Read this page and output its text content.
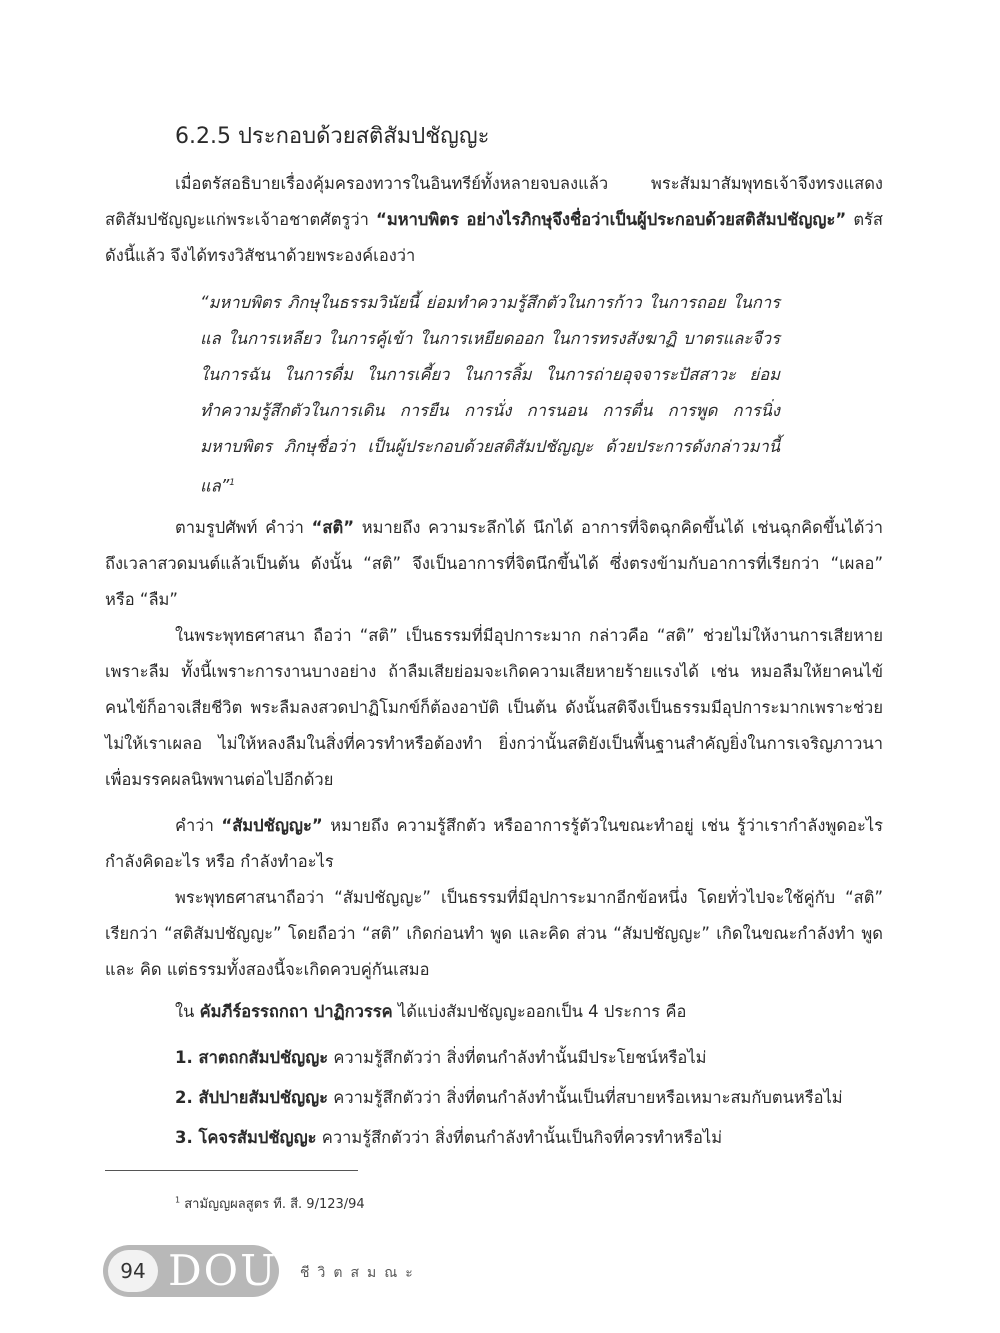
6.2.5 ประกอบด้วยสติสัมปชัญญะ
เมื่อตรัสอธิบายเรื่องคุ้มครองทวารในอินทรีย์ทั้งหลายจบลงแล้ว พระสัมมาสัมพุทธเจ้าจึงทรงแสดงสติสัมปชัญญะแก่พระเจ้าอชาตศัตรูว่า “มหาบพิตร อย่างไรภิกษุจึงชื่อว่าเป็นผู้ประกอบด้วยสติสัมปชัญญะ” ตรัสดังนี้แล้ว จึงได้ทรงวิสัชนาด้วยพระองค์เองว่า
“มหาบพิตร ภิกษุในธรรมวินัยนี้ ย่อมทำความรู้สึกตัวในการก้าว ในการถอย ในการแล ในการเหลียว ในการคู้เข้า ในการเหยียดออก ในการทรงสังฆาฏิ บาตรและจีวร ในการฉัน ในการดื่ม ในการเคี้ยว ในการลิ้ม ในการถ่ายอุจจาระปัสสาวะ ย่อมทำความรู้สึกตัวในการเดิน การยืน การนั่ง การนอน การตื่น การพูด การนิ่ง มหาบพิตร ภิกษุชื่อว่า เป็นผู้ประกอบด้วยสติสัมปชัญญะ ด้วยประการดังกล่าวมานี้แล”$^1$
ตามรูปศัพท์ คำว่า “สติ” หมายถึง ความระลึกได้ นึกได้ อาการที่จิตฉุกคิดขึ้นได้ เช่นฉุกคิดขึ้นได้ว่า ถึงเวลาสวดมนต์แล้วเป็นต้น ดังนั้น “สติ” จึงเป็นอาการที่จิตนึกขึ้นได้ ซึ่งตรงข้ามกับอาการที่เรียกว่า “เผลอ” หรือ “ลืม”
ในพระพุทธศาสนา ถือว่า “สติ” เป็นธรรมที่มีอุปการะมาก กล่าวคือ “สติ” ช่วยไม่ให้งานการเสียหายเพราะลืม ทั้งนี้เพราะการงานบางอย่าง ถ้าลืมเสียย่อมจะเกิดความเสียหายร้ายแรงได้ เช่น หมอลืมให้ยาคนไข้ คนไข้ก็อาจเสียชีวิต พระลืมลงสวดปาฏิโมกข์ก็ต้องอาบัติ เป็นต้น ดังนั้นสติจึงเป็นธรรมมีอุปการะมากเพราะช่วยไม่ให้เราเผลอ ไม่ให้หลงลืมในสิ่งที่ควรทำหรือต้องทำ ยิ่งกว่านั้นสติยังเป็นพื้นฐานสำคัญยิ่งในการเจริญภาวนาเพื่อมรรคผลนิพพานต่อไปอีกด้วย
คำว่า “สัมปชัญญะ” หมายถึง ความรู้สึกตัว หรืออาการรู้ตัวในขณะทำอยู่ เช่น รู้ว่าเรากำลังพูดอะไร กำลังคิดอะไร หรือ กำลังทำอะไร
พระพุทธศาสนาถือว่า “สัมปชัญญะ” เป็นธรรมที่มีอุปการะมากอีกข้อหนึ่ง โดยทั่วไปจะใช้คู่กับ “สติ” เรียกว่า “สติสัมปชัญญะ” โดยถือว่า “สติ” เกิดก่อนทำ พูด และคิด ส่วน “สัมปชัญญะ” เกิดในขณะกำลังทำ พูด และ คิด แต่ธรรมทั้งสองนี้จะเกิดควบคู่กันเสมอ
ใน คัมภีร์อรรถกถา ปาฏิกวรรค ได้แบ่งสัมปชัญญะออกเป็น 4 ประการ คือ
1. สาตถกสัมปชัญญะ ความรู้สึกตัวว่า สิ่งที่ตนกำลังทำนั้นมีประโยชน์หรือไม่
2. สัปปายสัมปชัญญะ ความรู้สึกตัวว่า สิ่งที่ตนกำลังทำนั้นเป็นที่สบายหรือเหมาะสมกับตนหรือไม่
3. โคจรสัมปชัญญะ ความรู้สึกตัวว่า สิ่งที่ตนกำลังทำนั้นเป็นกิจที่ควรทำหรือไม่
$^1$ สามัญญผลสูตร ที. สี. 9/123/94
94 DOU ชีวิตสมณะ
